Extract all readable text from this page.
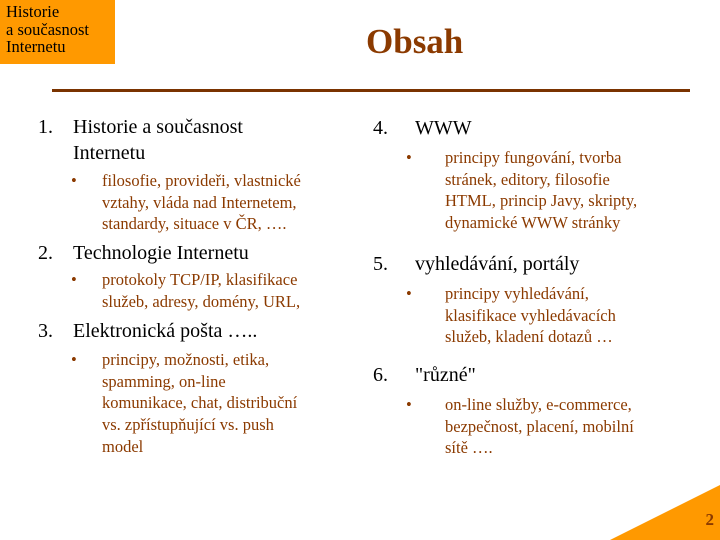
Historie
a současnost
Internetu	Obsah
1. Historie a současnost
Internetu
• filosofie, provideři, vlastnické
vztahy, vláda nad Internetem,
standardy, situace v ČR, ….
2. Technologie Internetu
• protokoly TCP/IP, klasifikace
služeb, adresy, domény, URL,
3. Elektronická pošta …..
• principy, možnosti, etika,
spamming, on-line
komunikace, chat, distribuční
vs. zpřístupňující vs. push
model
4. WWW
• principy fungování, tvorba
stránek, editory, filosofie
HTML, princip Javy, skripty,
dynamické WWW stránky
5. vyhledávání, portály
• principy vyhledávání,
klasifikace vyhledávacích
služeb, kladení dotazů …
6. "různé"
• on-line služby, e-commerce,
bezpečnost, placení, mobilní
sítě ….
2
